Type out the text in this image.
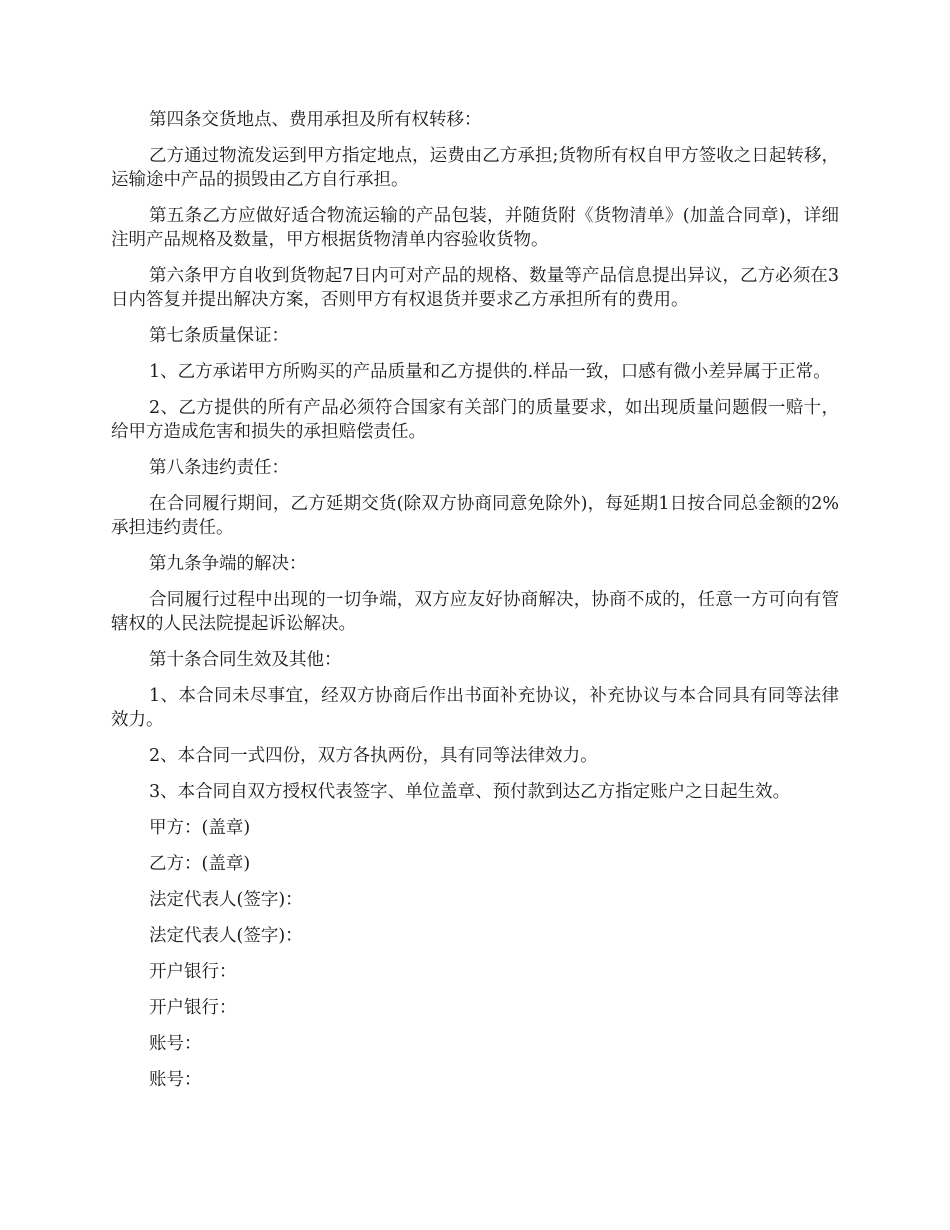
第四条交货地点、费用承担及所有权转移：

乙方通过物流发运到甲方指定地点，运费由乙方承担;货物所有权自甲方签收之日起转移，运输途中产品的损毁由乙方自行承担。

第五条乙方应做好适合物流运输的产品包装，并随货附《货物清单》(加盖合同章)，详细注明产品规格及数量，甲方根据货物清单内容验收货物。

第六条甲方自收到货物起7日内可对产品的规格、数量等产品信息提出异议，乙方必须在3日内答复并提出解决方案，否则甲方有权退货并要求乙方承担所有的费用。

第七条质量保证：

1、乙方承诺甲方所购买的产品质量和乙方提供的.样品一致，口感有微小差异属于正常。

2、乙方提供的所有产品必须符合国家有关部门的质量要求，如出现质量问题假一赔十，给甲方造成危害和损失的承担赔偿责任。

第八条违约责任：

在合同履行期间，乙方延期交货(除双方协商同意免除外)，每延期1日按合同总金额的2%承担违约责任。

第九条争端的解决：

合同履行过程中出现的一切争端，双方应友好协商解决，协商不成的，任意一方可向有管辖权的人民法院提起诉讼解决。

第十条合同生效及其他：

1、本合同未尽事宜，经双方协商后作出书面补充协议，补充协议与本合同具有同等法律效力。

2、本合同一式四份，双方各执两份，具有同等法律效力。

3、本合同自双方授权代表签字、单位盖章、预付款到达乙方指定账户之日起生效。

甲方：(盖章)

乙方：(盖章)

法定代表人(签字)：

法定代表人(签字)：

开户银行：

开户银行：

账号：

账号：
